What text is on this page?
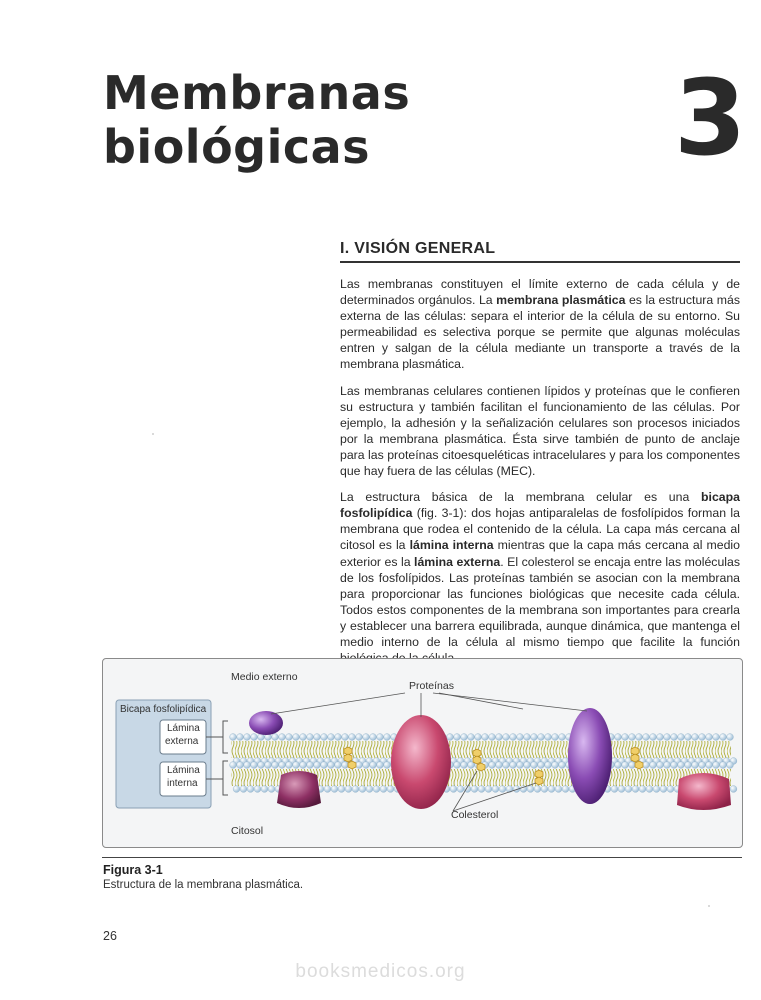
Membranas
biológicas	3
I. VISIÓN GENERAL

Las membranas constituyen el límite externo de cada célula y de determinados orgánulos. La membrana plasmática es la estructura más externa de las células: separa el interior de la célula de su entorno. Su permeabilidad es selectiva porque se permite que algunas moléculas entren y salgan de la célula mediante un transporte a través de la membrana plasmática.

Las membranas celulares contienen lípidos y proteínas que le confieren su estructura y también facilitan el funcionamiento de las células. Por ejemplo, la adhesión y la señalización celulares son procesos iniciados por la membrana plasmática. Ésta sirve también de punto de anclaje para las proteínas citoesqueléticas intracelulares y para los componentes que hay fuera de las células (MEC).

La estructura básica de la membrana celular es una bicapa fosfolipídica (fig. 3-1): dos hojas antiparalelas de fosfolípidos forman la membrana que rodea el contenido de la célula. La capa más cercana al citosol es la lámina interna mientras que la capa más cercana al medio exterior es la lámina externa. El colesterol se encaja entre las moléculas de los fosfolípidos. Las proteínas también se asocian con la membrana para proporcionar las funciones biológicas que necesite cada célula. Todos estos componentes de la membrana son importantes para crearla y establecer una barrera equilibrada, aunque dinámica, que mantenga el medio interno de la célula al mismo tiempo que facilite la función

Medio externo
Proteínas
Bicapa fosfolipídica
Lámina
externa
Lámina
interna
Colesterol
Citosol
Figura 3-1
Estructura de la membrana plasmática.
26
booksmedicos.org
